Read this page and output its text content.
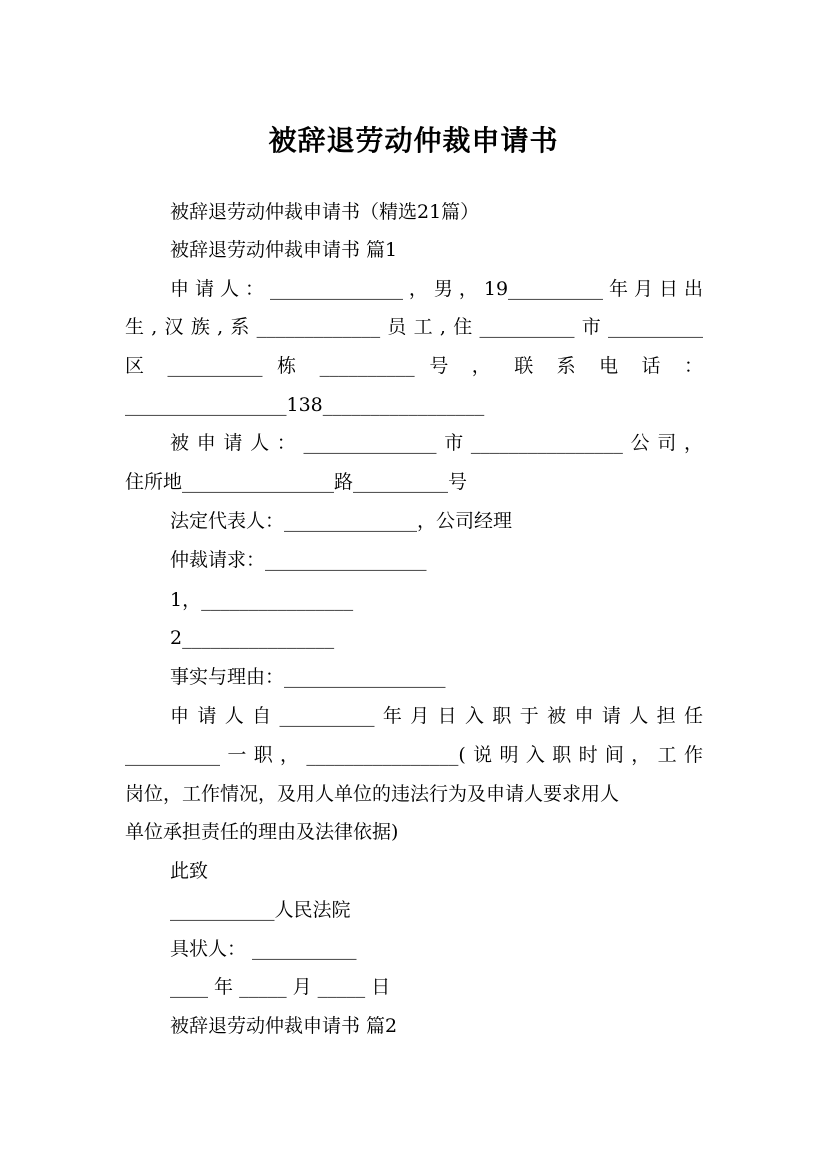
被辞退劳动仲裁申请书

被辞退劳动仲裁申请书（精选21篇）

被辞退劳动仲裁申请书 篇1

申请人：______________，男，19__________年月日出

生,汉族,系_____________员工,住__________市__________

区 __________ 栋 __________ 号 ， 联 系 电 话 ：

_________________138_________________

被申请人：______________市________________公司，

住所地________________路__________号

法定代表人：______________，公司经理

仲裁请求：_________________

1，________________

2________________

事实与理由：_________________

申请人自__________年月日入职于被申请人担任

__________一职，________________(说明入职时间，工作

岗位，工作情况，及用人单位的违法行为及申请人要求用人

单位承担责任的理由及法律依据)

此致

___________人民法院

具状人： ___________

____ 年 _____ 月 _____ 日

被辞退劳动仲裁申请书 篇2
